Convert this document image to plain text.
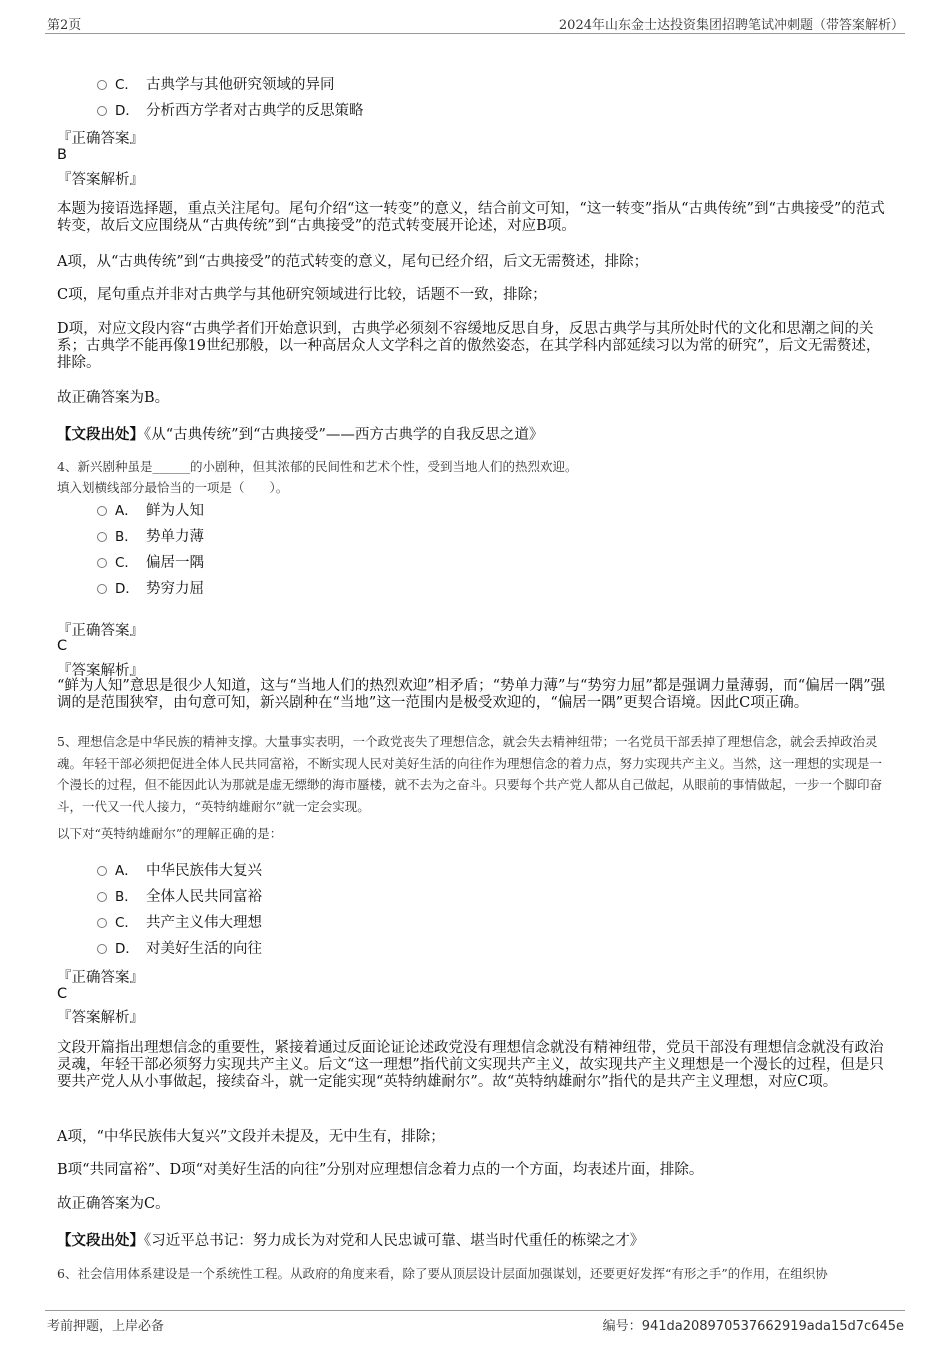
第2页	2024年山东金士达投资集团招聘笔试冲刺题（带答案解析）
C． 古典学与其他研究领域的异同
D． 分析西方学者对古典学的反思策略
『正确答案』
B
『答案解析』
本题为接语选择题，重点关注尾句。尾句介绍“这一转变”的意义，结合前文可知，“这一转变”指从“古典传统”到“古典接受”的范式转变，故后文应围绕从“古典传统”到“古典接受”的范式转变展开论述，对应B项。
A项，从“古典传统”到“古典接受”的范式转变的意义，尾句已经介绍，后文无需赘述，排除；
C项，尾句重点并非对古典学与其他研究领域进行比较，话题不一致，排除；
D项，对应文段内容“古典学者们开始意识到，古典学必须刻不容缓地反思自身，反思古典学与其所处时代的文化和思潮之间的关系；古典学不能再像19世纪那般，以一种高居众人文学科之首的傲然姿态，在其学科内部延续习以为常的研究”，后文无需赘述，排除。
故正确答案为B。
【文段出处】《从“古典传统”到“古典接受”——西方古典学的自我反思之道》
4、新兴剧种虽是______的小剧种，但其浓郁的民间性和艺术个性，受到当地人们的热烈欢迎。
填入划横线部分最恰当的一项是（　　）。
A． 鲜为人知
B． 势单力薄
C． 偏居一隅
D． 势穷力屈
『正确答案』
C
『答案解析』
“鲜为人知”意思是很少人知道，这与“当地人们的热烈欢迎”相矛盾；“势单力薄”与“势穷力屈”都是强调力量薄弱，而“偏居一隅”强调的是范围狭窄，由句意可知，新兴剧种在“当地”这一范围内是极受欢迎的，“偏居一隅”更契合语境。因此C项正确。
5、理想信念是中华民族的精神支撑。大量事实表明，一个政党丧失了理想信念，就会失去精神纽带；一名党员干部丢掉了理想信念，就会丢掉政治灵魂。年轻干部必须把促进全体人民共同富裕，不断实现人民对美好生活的向往作为理想信念的着力点，努力实现共产主义。当然，这一理想的实现是一个漫长的过程，但不能因此认为那就是虚无缥缈的海市蜃楼，就不去为之奋斗。只要每个共产党人都从自己做起，从眼前的事情做起，一步一个脚印奋斗，一代又一代人接力，“英特纳雄耐尔”就一定会实现。
以下对“英特纳雄耐尔”的理解正确的是：
A． 中华民族伟大复兴
B． 全体人民共同富裕
C． 共产主义伟大理想
D． 对美好生活的向往
『正确答案』
C
『答案解析』
文段开篇指出理想信念的重要性，紧接着通过反面论证论述政党没有理想信念就没有精神纽带，党员干部没有理想信念就没有政治灵魂，年轻干部必须努力实现共产主义。后文“这一理想”指代前文实现共产主义，故实现共产主义理想是一个漫长的过程，但是只要共产党人从小事做起，接续奋斗，就一定能实现“英特纳雄耐尔”。故“英特纳雄耐尔”指代的是共产主义理想，对应C项。
A项，“中华民族伟大复兴”文段并未提及，无中生有，排除；
B项“共同富裕”、D项“对美好生活的向往”分别对应理想信念着力点的一个方面，均表述片面，排除。
故正确答案为C。
【文段出处】《习近平总书记：努力成长为对党和人民忠诚可靠、堪当时代重任的栋梁之才》
6、社会信用体系建设是一个系统性工程。从政府的角度来看，除了要从顶层设计层面加强谋划，还要更好发挥“有形之手”的作用，在组织协
考前押题，上岸必备	编号：941da208970537662919ada15d7c645e
